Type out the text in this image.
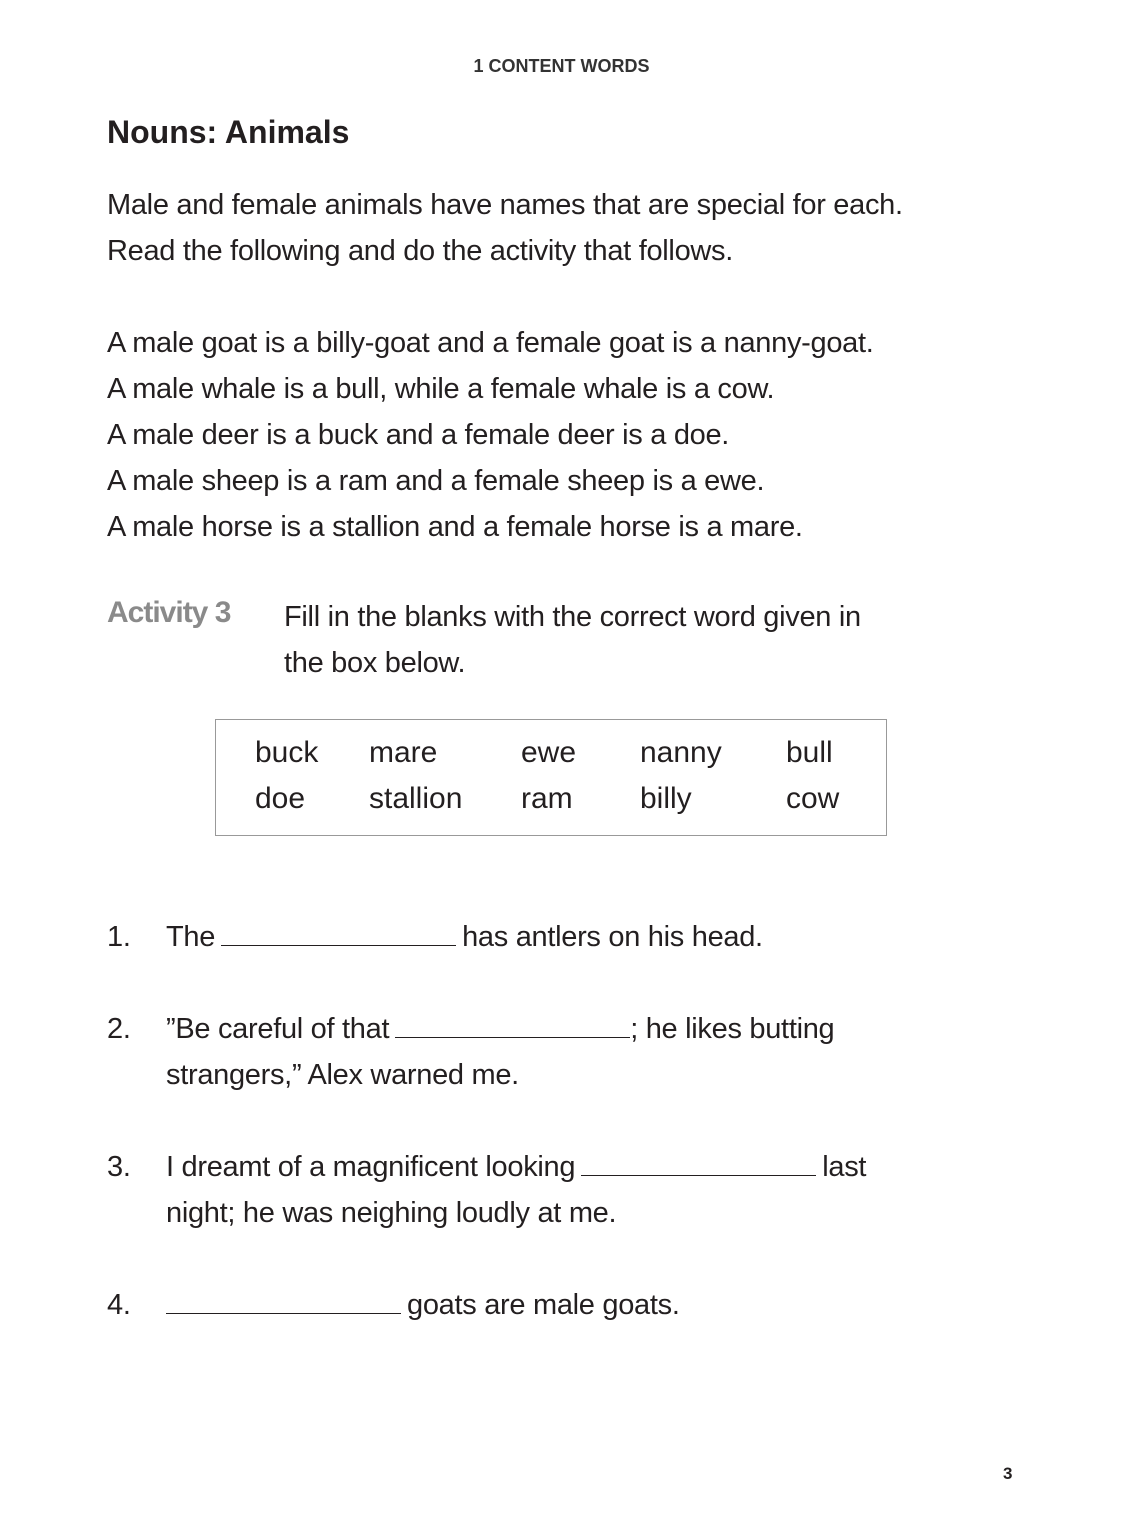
1 CONTENT WORDS
Nouns: Animals

Male and female animals have names that are special for each.

Read the following and do the activity that follows.

A male goat is a billy-goat and a female goat is a nanny-goat.

A male whale is a bull, while a female whale is a cow.

A male deer is a buck and a female deer is a doe.

A male sheep is a ram and a female sheep is a ewe.

A male horse is a stallion and a female horse is a mare.

Activity 3 Fill in the blanks with the correct word given in

the box below.

buck mare	ewe nanny bull
doe stallion ram billy	cow
1. The	has antlers on his head.
2. ”Be careful of that	; he likes butting
strangers,” Alex warned me.
3. I dreamt of a magnificent looking	last
night; he was neighing loudly at me.
4.	goats are male goats.
3
